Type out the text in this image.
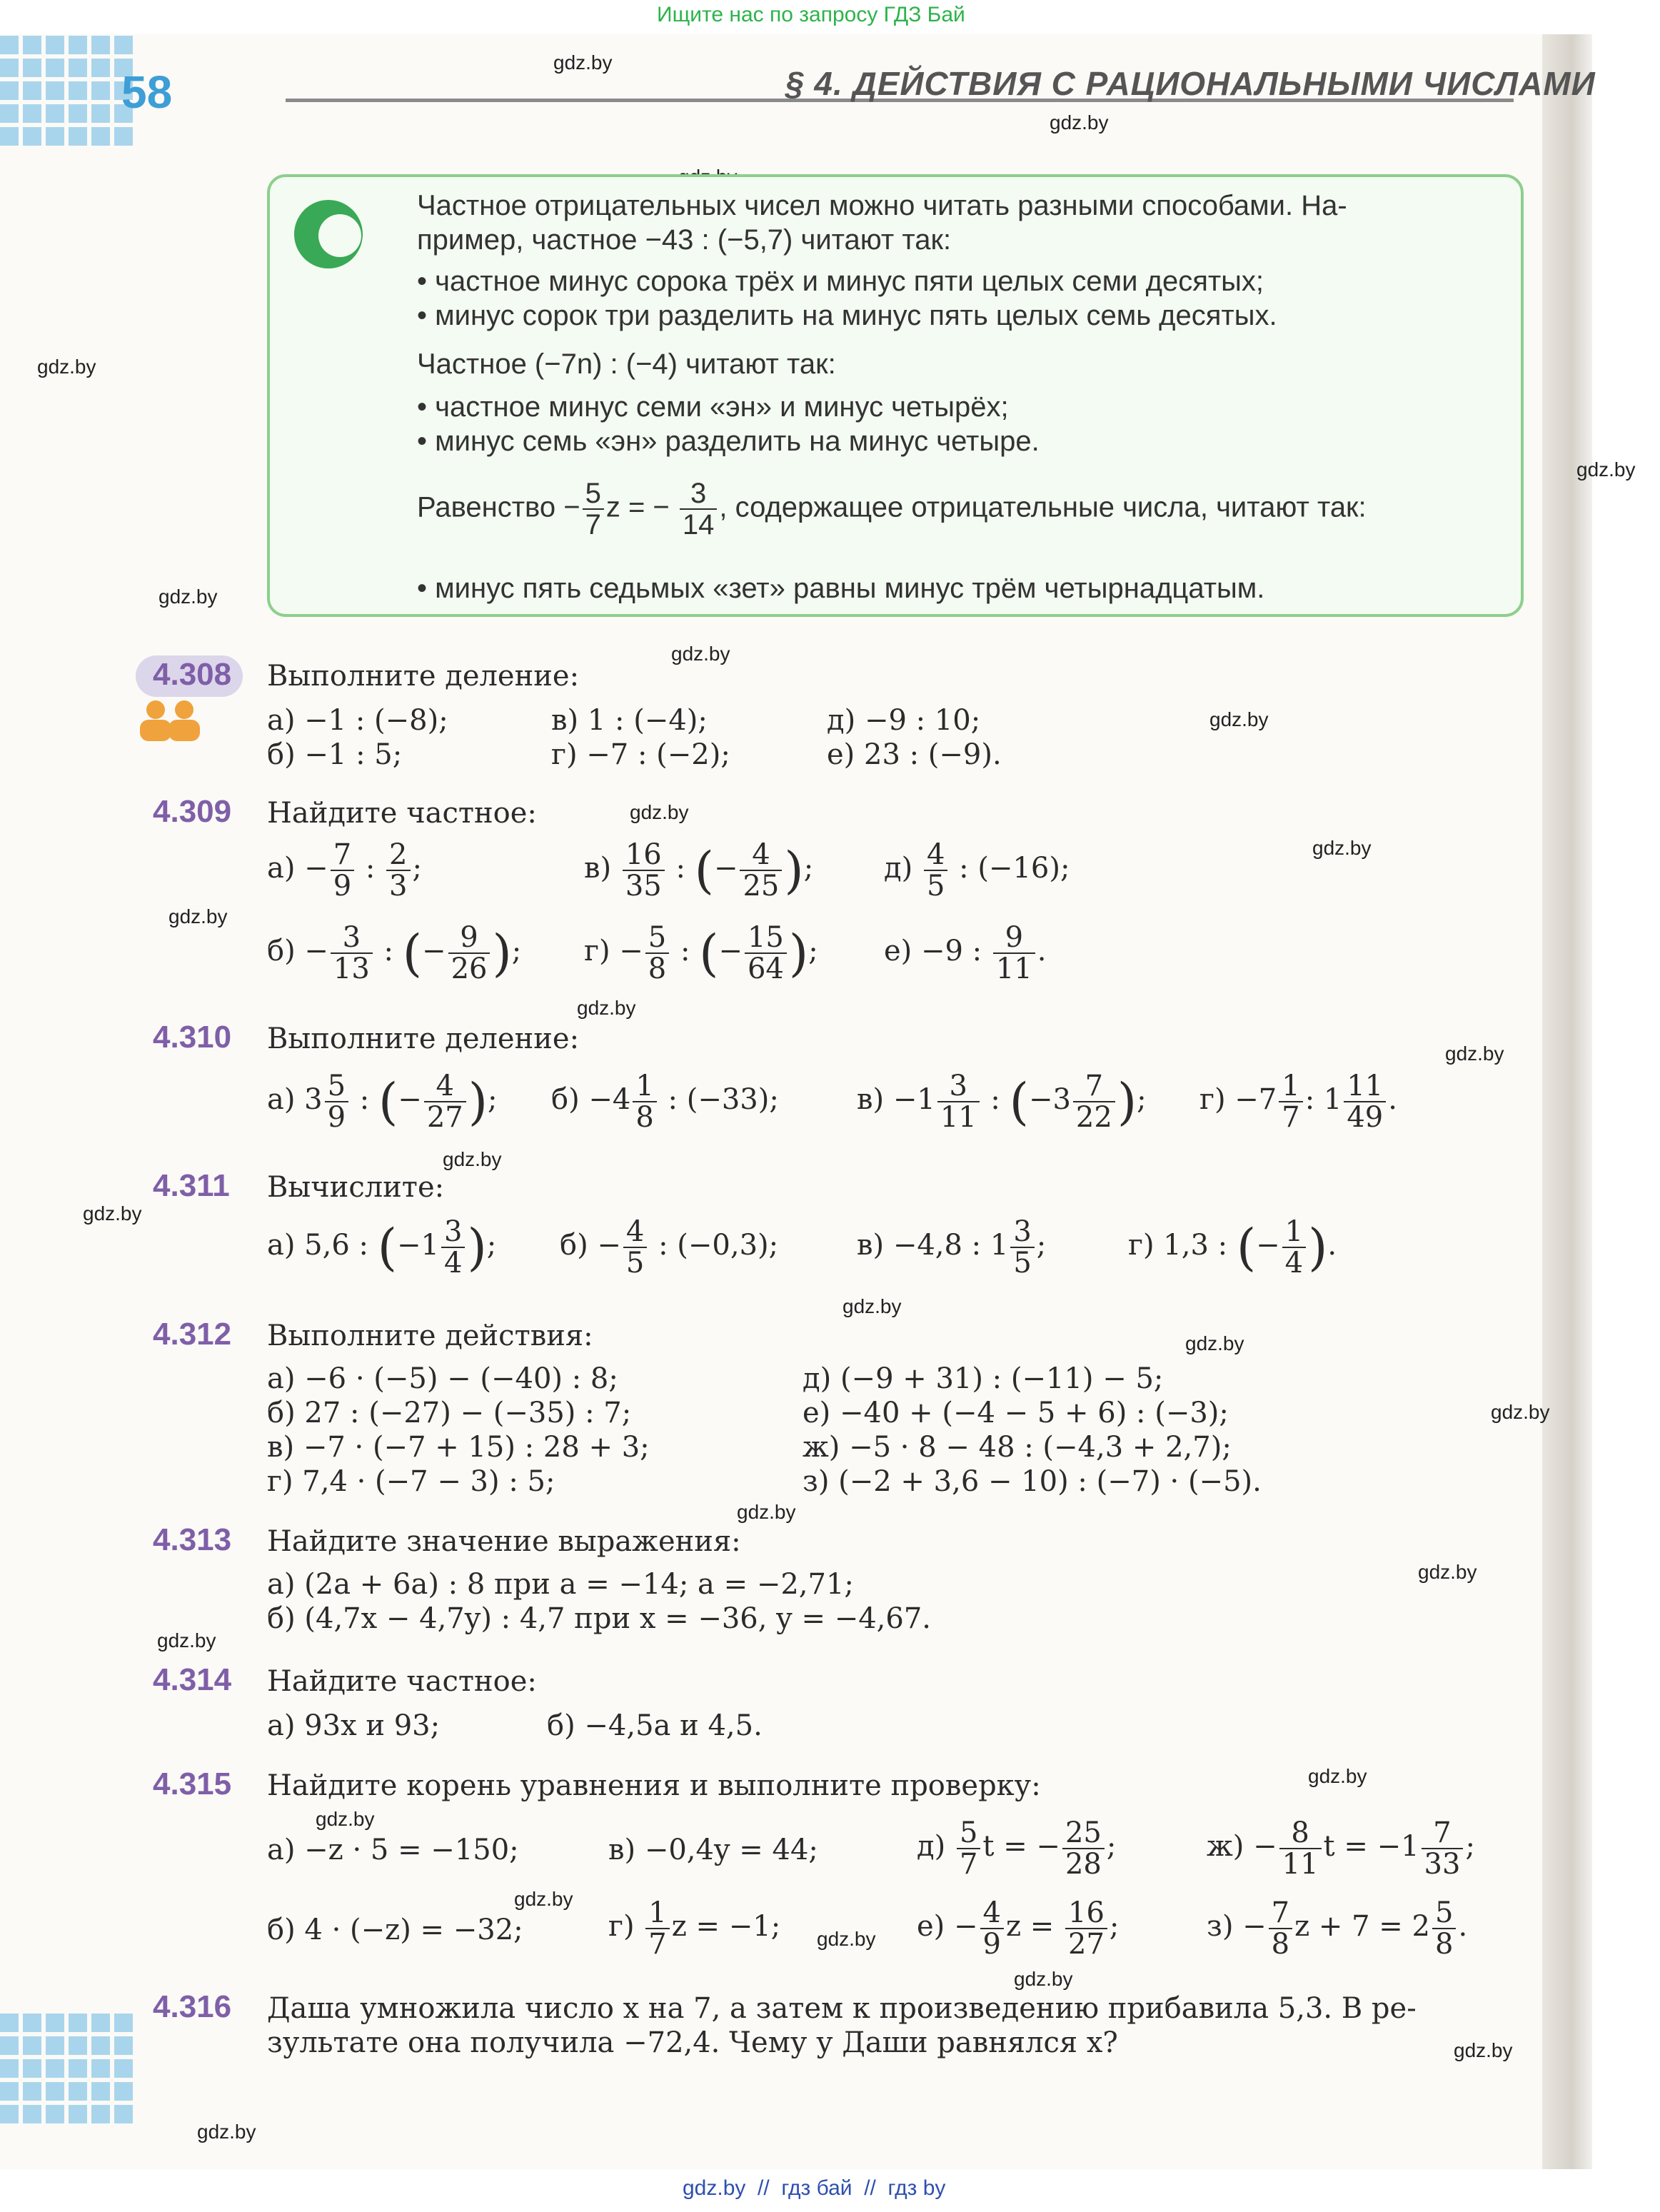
Ищите нас по запросу ГДЗ Бай
58	§ 4. ДЕЙСТВИЯ С РАЦИОНАЛЬНЫМИ ЧИСЛАМИ
gdz.by
gdz.by
gdz.by
gdz.by
gdz.by
gdz.by
gdz.by
gdz.by
gdz.by
gdz.by
gdz.by
gdz.by
gdz.by
gdz.by
gdz.by
gdz.by
gdz.by
gdz.by
gdz.by
gdz.by
gdz.by
gdz.by
gdz.by
gdz.by
gdz.by
gdz.by
gdz.by
Частное отрицательных чисел можно читать разными способами. На-
пример, частное −43 : (−5,7) читают так:
• частное минус сорока трёх и минус пяти целых семи десятых;
• минус сорок три разделить на минус пять целых семь десятых.
Частное (−7n) : (−4) читают так:
• частное минус семи «эн» и минус четырёх;
• минус семь «эн» разделить на минус четыре.
Равенство − $\frac{5}{7}$ z = − $\frac{3}{14}$ , содержащее отрицательные числа, читают так:
• минус пять седьмых «зет» равны минус трём четырнадцатым.
4.308 Выполните деление:
а) −1 : (−8);	в) 1 : (−4);	д) −9 : 10;
б) −1 : 5;	г) −7 : (−2);	е) 23 : (−9).
4.309 Найдите частное:
$а) - \frac{7}{9}$ : $\frac{2}{3}$ ;	$в) \frac{16}{35}$ : (− $\frac{4}{25}$ ); $д) \frac{4}{5}$ : (−16);
$б) - \frac{3}{13}$ : (− $\frac{9}{26}$ ); $г) - \frac{5}{8}$ : (− $\frac{15}{64}$ ); е) −9 : $\frac{9}{11}$ .
4.310 Выполните деление:
а) $3 \frac{5}{9}$ : (− $\frac{4}{27}$ ); $б) -4 \frac{1}{8}$ : (−33);	$в) -1 \frac{3}{11}$ : ($-3 \frac{7}{22}$ ); $г) -7 \frac{1}{7}$ : $1 \frac{11}{49}$ .
4.311 Вычислите:
а) 5,6 : ($-1 \frac{3}{4}$ ); $б) - \frac{4}{5}$ : (−0,3);	в) −4,8 : $1 \frac{3}{5}$ ;	г) 1,3 : (− $\frac{1}{4}$ ).
4.312 Выполните действия:
а) −6 · (−5) − (−40) : 8;
б) 27 : (−27) − (−35) : 7;
в) −7 · (−7 + 15) : 28 + 3;
г) 7,4 · (−7 − 3) : 5;
д) (−9 + 31) : (−11) − 5;
е) −40 + (−4 − 5 + 6) : (−3);
ж) −5 · 8 − 48 : (−4,3 + 2,7);
з) (−2 + 3,6 − 10) : (−7) · (−5).
4.313 Найдите значение выражения:
а) (2a + 6a) : 8 при a = −14; a = −2,71;
б) (4,7x − 4,7y) : 4,7 при x = −36, y = −4,67.
4.314 Найдите частное:
а) 93x и 93;	б) −4,5a и 4,5.
4.315 Найдите корень уравнения и выполните проверку:
а) −z · 5 = −150;	в) −0,4y = 44;	$д) \frac{5}{7}$ t = − $\frac{25}{28}$ ;	$ж) - \frac{8}{11}$ $t = -1 \frac{7}{33}$ ;
б) 4 · (−z) = −32;	$г) \frac{1}{7}$ z = −1;	$е) - \frac{4}{9}$ $z = \frac{16}{27}$ ;	$з) - \frac{7}{8}$ $z + 7 = 2 \frac{5}{8}$ .
4.316 Даша умножила число x на 7, а затем к произведению прибавила 5,3. В ре-
зультате она получила −72,4. Чему у Даши равнялся x?
gdz.by  //  гдз бай  //  гдз by
